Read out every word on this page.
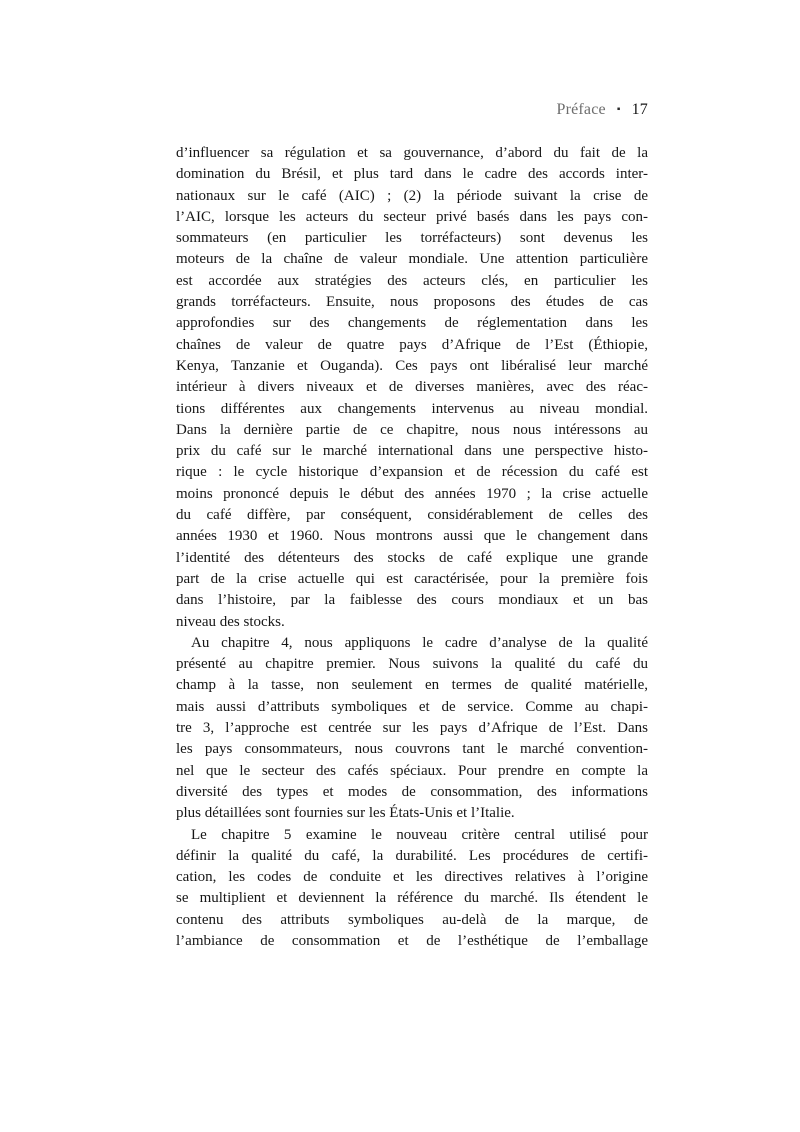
Préface ▪ 17
d’influencer sa régulation et sa gouvernance, d’abord du fait de la
domination du Brésil, et plus tard dans le cadre des accords inter-
nationaux sur le café (AIC) ; (2) la période suivant la crise de
l’AIC, lorsque les acteurs du secteur privé basés dans les pays con-
sommateurs (en particulier les torréfacteurs) sont devenus les
moteurs de la chaîne de valeur mondiale. Une attention particulière
est accordée aux stratégies des acteurs clés, en particulier les
grands torréfacteurs. Ensuite, nous proposons des études de cas
approfondies sur des changements de réglementation dans les
chaînes de valeur de quatre pays d’Afrique de l’Est (Éthiopie,
Kenya, Tanzanie et Ouganda). Ces pays ont libéralisé leur marché
intérieur à divers niveaux et de diverses manières, avec des réac-
tions différentes aux changements intervenus au niveau mondial.
Dans la dernière partie de ce chapitre, nous nous intéressons au
prix du café sur le marché international dans une perspective histo-
rique : le cycle historique d’expansion et de récession du café est
moins prononcé depuis le début des années 1970 ; la crise actuelle
du café diffère, par conséquent, considérablement de celles des
années 1930 et 1960. Nous montrons aussi que le changement dans
l’identité des détenteurs des stocks de café explique une grande
part de la crise actuelle qui est caractérisée, pour la première fois
dans l’histoire, par la faiblesse des cours mondiaux et un bas
niveau des stocks.
Au chapitre 4, nous appliquons le cadre d’analyse de la qualité
présenté au chapitre premier. Nous suivons la qualité du café du
champ à la tasse, non seulement en termes de qualité matérielle,
mais aussi d’attributs symboliques et de service. Comme au chapi-
tre 3, l’approche est centrée sur les pays d’Afrique de l’Est. Dans
les pays consommateurs, nous couvrons tant le marché convention-
nel que le secteur des cafés spéciaux. Pour prendre en compte la
diversité des types et modes de consommation, des informations
plus détaillées sont fournies sur les États-Unis et l’Italie.
Le chapitre 5 examine le nouveau critère central utilisé pour
définir la qualité du café, la durabilité. Les procédures de certifi-
cation, les codes de conduite et les directives relatives à l’origine
se multiplient et deviennent la référence du marché. Ils étendent le
contenu des attributs symboliques au-delà de la marque, de
l’ambiance de consommation et de l’esthétique de l’emballage
